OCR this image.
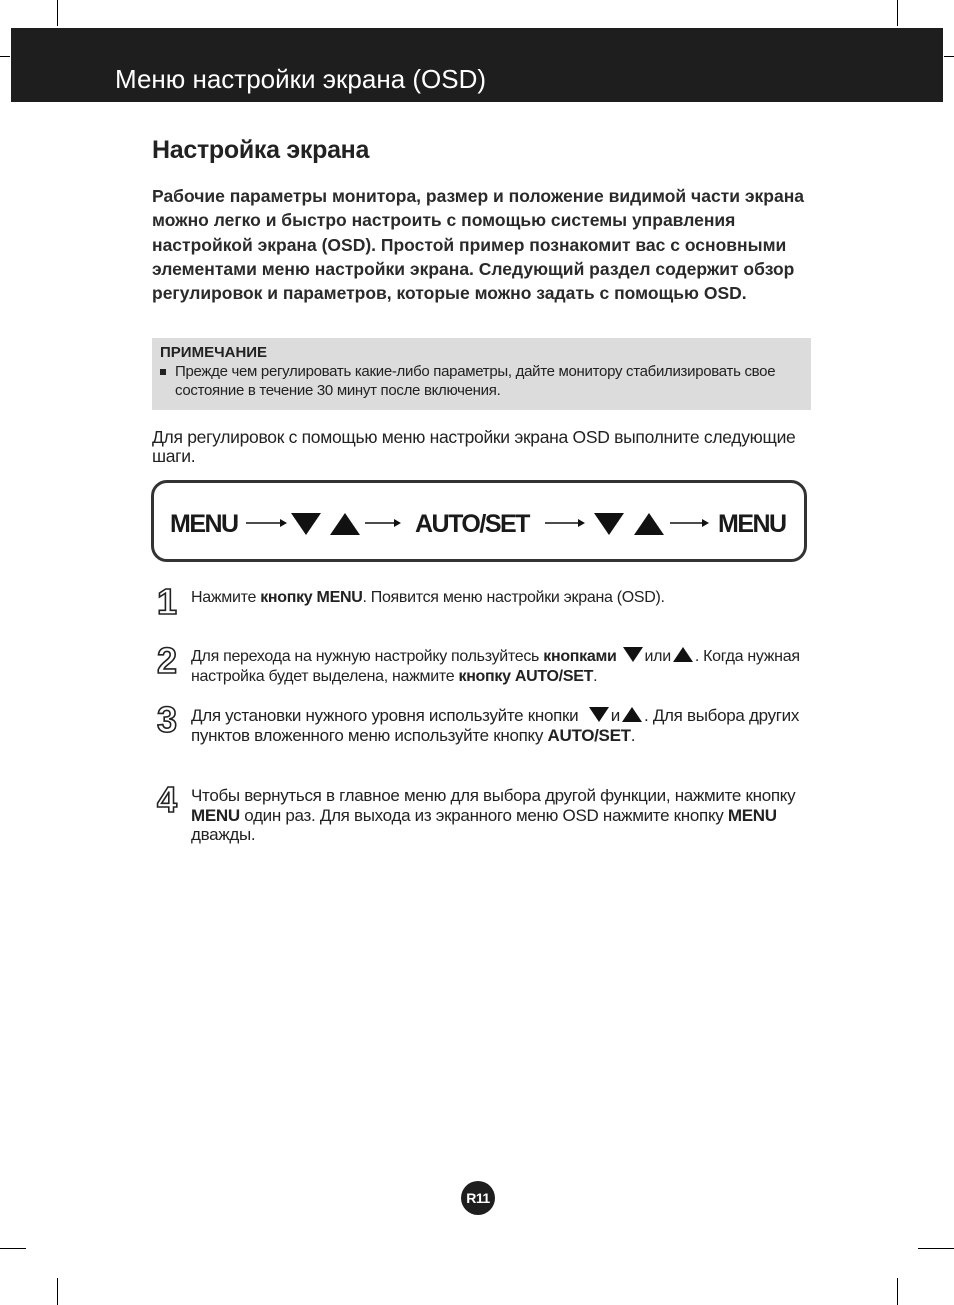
Меню настройки экрана (OSD)
Настройка экрана

Рабочие параметры монитора, размер и положение видимой части экрана можно легко и быстро настроить с помощью системы управления настройкой экрана (OSD). Простой пример познакомит вас с основными элементами меню настройки экрана. Следующий раздел содержит обзор регулировок и параметров, которые можно задать с помощью OSD.

ПРИМЕЧАНИЕ
Прежде чем регулировать какие-либо параметры, дайте монитору стабилизировать свое состояние в течение 30 минут после включения.

Для регулировок с помощью меню настройки экрана OSD выполните следующие шаги.

MENU	AUTO/SET	MENU
1 Нажмите кнопку MENU. Появится меню настройки экрана (OSD).
2 Для перехода на нужную настройку пользуйтесь кнопками или . Когда нужная настройка будет выделена, нажмите кнопку AUTO/SET.
3 Для установки нужного уровня используйте кнопки и . Для выбора других пунктов вложенного меню используйте кнопку AUTO/SET.
4 Чтобы вернуться в главное меню для выбора другой функции, нажмите кнопку MENU один раз. Для выхода из экранного меню OSD нажмите кнопку MENU дважды.
R11
